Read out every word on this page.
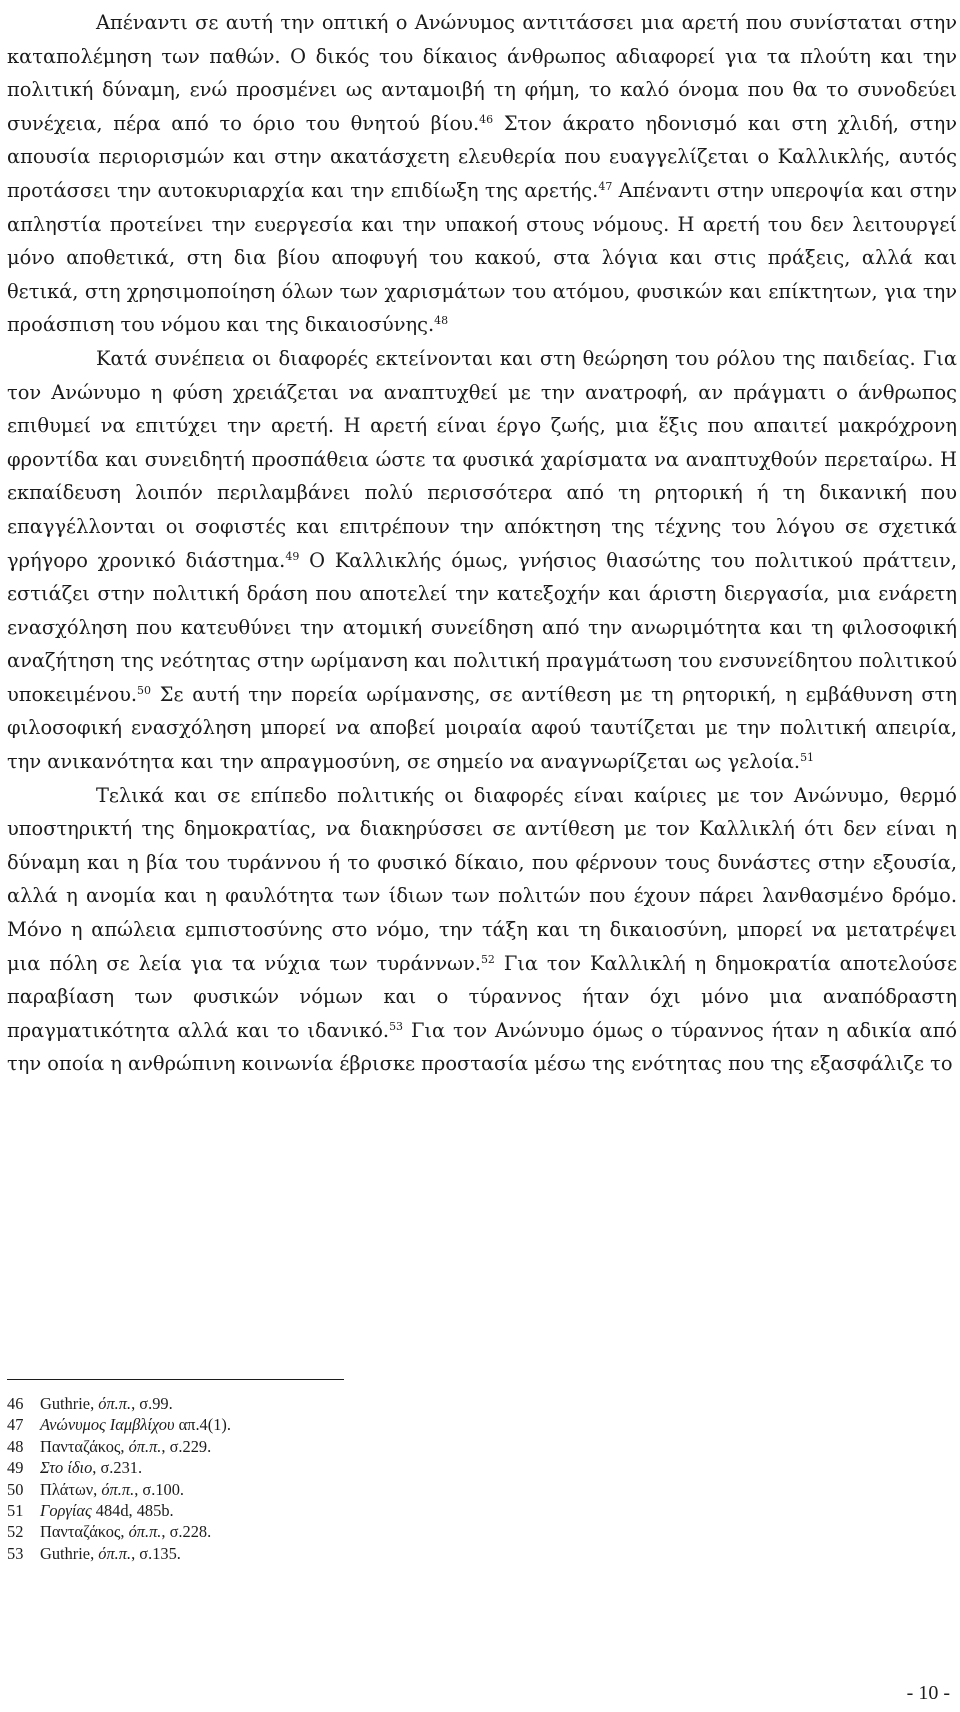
Απέναντι σε αυτή την οπτική ο Ανώνυμος αντιτάσσει μια αρετή που συνίσταται στην καταπολέμηση των παθών. Ο δικός του δίκαιος άνθρωπος αδιαφορεί για τα πλούτη και την πολιτική δύναμη, ενώ προσμένει ως ανταμοιβή τη φήμη, το καλό όνομα που θα το συνοδεύει συνέχεια, πέρα από το όριο του θνητού βίου.$^{46}$ Στον άκρατο ηδονισμό και στη χλιδή, στην απουσία περιορισμών και στην ακατάσχετη ελευθερία που ευαγγελίζεται ο Καλλικλής, αυτός προτάσσει την αυτοκυριαρχία και την επιδίωξη της αρετής.$^{47}$ Απέναντι στην υπεροψία και στην απληστία προτείνει την ευεργεσία και την υπακοή στους νόμους. Η αρετή του δεν λειτουργεί μόνο αποθετικά, στη δια βίου αποφυγή του κακού, στα λόγια και στις πράξεις, αλλά και θετικά, στη χρησιμοποίηση όλων των χαρισμάτων του ατόμου, φυσικών και επίκτητων, για την προάσπιση του νόμου και της δικαιοσύνης.$^{48}$

Κατά συνέπεια οι διαφορές εκτείνονται και στη θεώρηση του ρόλου της παιδείας. Για τον Ανώνυμο η φύση χρειάζεται να αναπτυχθεί με την ανατροφή, αν πράγματι ο άνθρωπος επιθυμεί να επιτύχει την αρετή. Η αρετή είναι έργο ζωής, μια ἕξις που απαιτεί μακρόχρονη φροντίδα και συνειδητή προσπάθεια ώστε τα φυσικά χαρίσματα να αναπτυχθούν περεταίρω. Η εκπαίδευση λοιπόν περιλαμβάνει πολύ περισσότερα από τη ρητορική ή τη δικανική που επαγγέλλονται οι σοφιστές και επιτρέπουν την απόκτηση της τέχνης του λόγου σε σχετικά γρήγορο χρονικό διάστημα.$^{49}$ Ο Καλλικλής όμως, γνήσιος θιασώτης του πολιτικού πράττειν, εστιάζει στην πολιτική δράση που αποτελεί την κατεξοχήν και άριστη διεργασία, μια ενάρετη ενασχόληση που κατευθύνει την ατομική συνείδηση από την ανωριμότητα και τη φιλοσοφική αναζήτηση της νεότητας στην ωρίμανση και πολιτική πραγμάτωση του ενσυνείδητου πολιτικού υποκειμένου.$^{50}$ Σε αυτή την πορεία ωρίμανσης, σε αντίθεση με τη ρητορική, η εμβάθυνση στη φιλοσοφική ενασχόληση μπορεί να αποβεί μοιραία αφού ταυτίζεται με την πολιτική απειρία, την ανικανότητα και την απραγμοσύνη, σε σημείο να αναγνωρίζεται ως γελοία.$^{51}$

Τελικά και σε επίπεδο πολιτικής οι διαφορές είναι καίριες με τον Ανώνυμο, θερμό υποστηρικτή της δημοκρατίας, να διακηρύσσει σε αντίθεση με τον Καλλικλή ότι δεν είναι η δύναμη και η βία του τυράννου ή το φυσικό δίκαιο, που φέρνουν τους δυνάστες στην εξουσία, αλλά η ανομία και η φαυλότητα των ίδιων των πολιτών που έχουν πάρει λανθασμένο δρόμο. Μόνο η απώλεια εμπιστοσύνης στο νόμο, την τάξη και τη δικαιοσύνη, μπορεί να μετατρέψει μια πόλη σε λεία για τα νύχια των τυράννων.$^{52}$ Για τον Καλλικλή η δημοκρατία αποτελούσε παραβίαση των φυσικών νόμων και ο τύραννος ήταν όχι μόνο μια αναπόδραστη πραγματικότητα αλλά και το ιδανικό.$^{53}$ Για τον Ανώνυμο όμως ο τύραννος ήταν η αδικία από την οποία η ανθρώπινη κοινωνία έβρισκε προστασία μέσω της ενότητας που της εξασφάλιζε το

46 Guthrie, όπ.π., σ.99.
47 Ανώνυμος Ιαμβλίχου απ.4(1).
48 Πανταζάκος, όπ.π., σ.229.
49 Στο ίδιο, σ.231.
50 Πλάτων, όπ.π., σ.100.
51 Γοργίας 484d, 485b.
52 Πανταζάκος, όπ.π., σ.228.
53 Guthrie, όπ.π., σ.135.
- 10 -
